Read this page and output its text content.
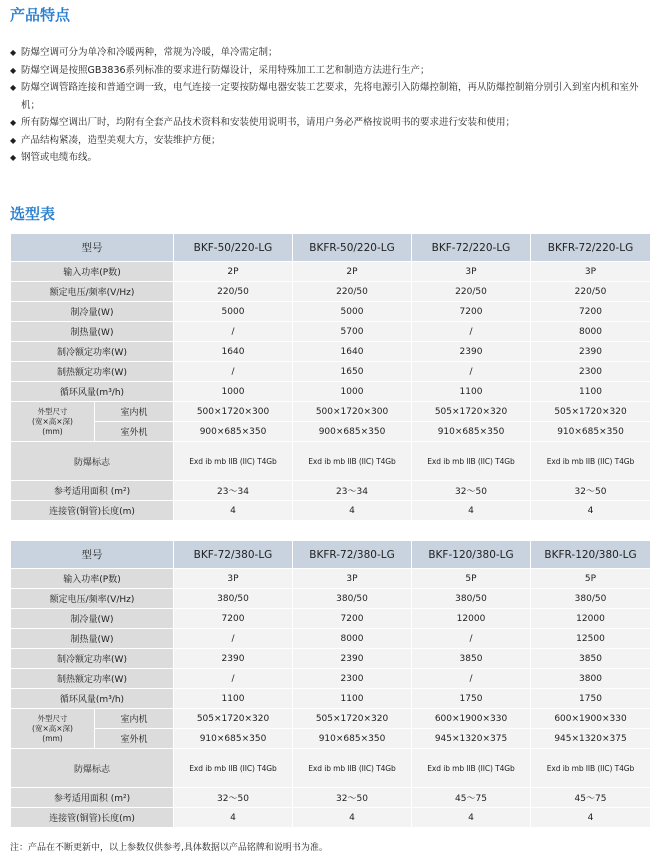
产品特点
◆ 防爆空调可分为单冷和冷暖两种，常规为冷暖，单冷需定制；
◆ 防爆空调是按照GB3836系列标准的要求进行防爆设计，采用特殊加工工艺和制造方法进行生产；
◆ 防爆空调管路连接和普通空调一致，电气连接一定要按防爆电器安装工艺要求，先将电源引入防爆控制箱，再从防爆控制箱分别引入到室内机和室外机；
◆ 所有防爆空调出厂时，均附有全套产品技术资料和安装使用说明书，请用户务必严格按说明书的要求进行安装和使用；
◆ 产品结构紧凑，造型美观大方，安装维护方便；
◆ 钢管或电缆布线。
选型表
型号		BKF-50/220-LG	BKFR-50/220-LG	BKF-72/220-LG	BKFR-72/220-LG
输入功率(P数)		2P	2P	3P	3P
额定电压/频率(V/Hz)		220/50	220/50	220/50	220/50
制冷量(W)		5000	5000	7200	7200
制热量(W)		/	5700	/	8000
制冷额定功率(W)		1640	1640	2390	2390
制热额定功率(W)		/	1650	/	2300
循环风量(m³/h)		1000	1000	1100	1100
外型尺寸
(宽×高×深)
(mm)	室内机	500×1720×300	500×1720×300	505×1720×320	505×1720×320
	室外机	900×685×350	900×685×350	910×685×350	910×685×350
防爆标志		Exd ib mb IIB (IIC) T4Gb	Exd ib mb IIB (IIC) T4Gb	Exd ib mb IIB (IIC) T4Gb	Exd ib mb IIB (IIC) T4Gb
参考适用面积 (m²)		23～34	23～34	32～50	32～50
连接管(铜管)长度(m)		4	4	4	4
型号		BKF-72/380-LG	BKFR-72/380-LG	BKF-120/380-LG	BKFR-120/380-LG
输入功率(P数)		3P	3P	5P	5P
额定电压/频率(V/Hz)		380/50	380/50	380/50	380/50
制冷量(W)		7200	7200	12000	12000
制热量(W)		/	8000	/	12500
制冷额定功率(W)		2390	2390	3850	3850
制热额定功率(W)		/	2300	/	3800
循环风量(m³/h)		1100	1100	1750	1750
外型尺寸
(宽×高×深)
(mm)	室内机	505×1720×320	505×1720×320	600×1900×330	600×1900×330
	室外机	910×685×350	910×685×350	945×1320×375	945×1320×375
防爆标志		Exd ib mb IIB (IIC) T4Gb	Exd ib mb IIB (IIC) T4Gb	Exd ib mb IIB (IIC) T4Gb	Exd ib mb IIB (IIC) T4Gb
参考适用面积 (m²)		32～50	32～50	45～75	45～75
连接管(铜管)长度(m)		4	4	4	4
注：产品在不断更新中，以上参数仅供参考,具体数据以产品铭牌和说明书为准。
